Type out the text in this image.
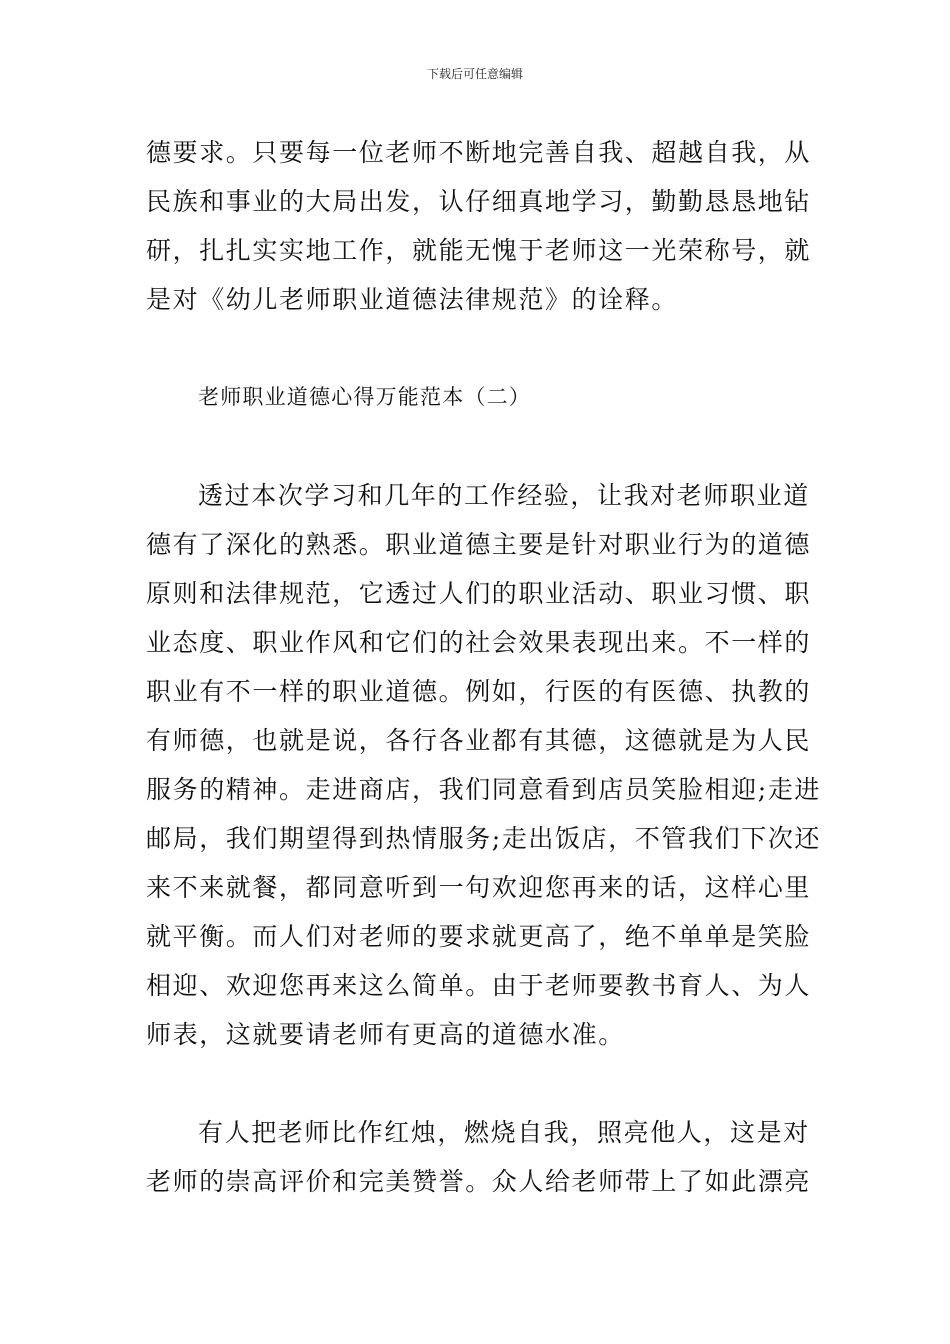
下载后可任意编辑
德要求。只要每一位老师不断地完善自我、超越自我，从
民族和事业的大局出发，认仔细真地学习，勤勤恳恳地钻
研，扎扎实实地工作，就能无愧于老师这一光荣称号，就
是对《幼儿老师职业道德法律规范》的诠释。
老师职业道德心得万能范本（二）
透过本次学习和几年的工作经验，让我对老师职业道
德有了深化的熟悉。职业道德主要是针对职业行为的道德
原则和法律规范，它透过人们的职业活动、职业习惯、职
业态度、职业作风和它们的社会效果表现出来。不一样的
职业有不一样的职业道德。例如，行医的有医德、执教的
有师德，也就是说，各行各业都有其德，这德就是为人民
服务的精神。走进商店，我们同意看到店员笑脸相迎;走进
邮局，我们期望得到热情服务;走出饭店，不管我们下次还
来不来就餐，都同意听到一句欢迎您再来的话，这样心里
就平衡。而人们对老师的要求就更高了，绝不单单是笑脸
相迎、欢迎您再来这么简单。由于老师要教书育人、为人
师表，这就要请老师有更高的道德水准。
有人把老师比作红烛，燃烧自我，照亮他人，这是对
老师的崇高评价和完美赞誉。众人给老师带上了如此漂亮
